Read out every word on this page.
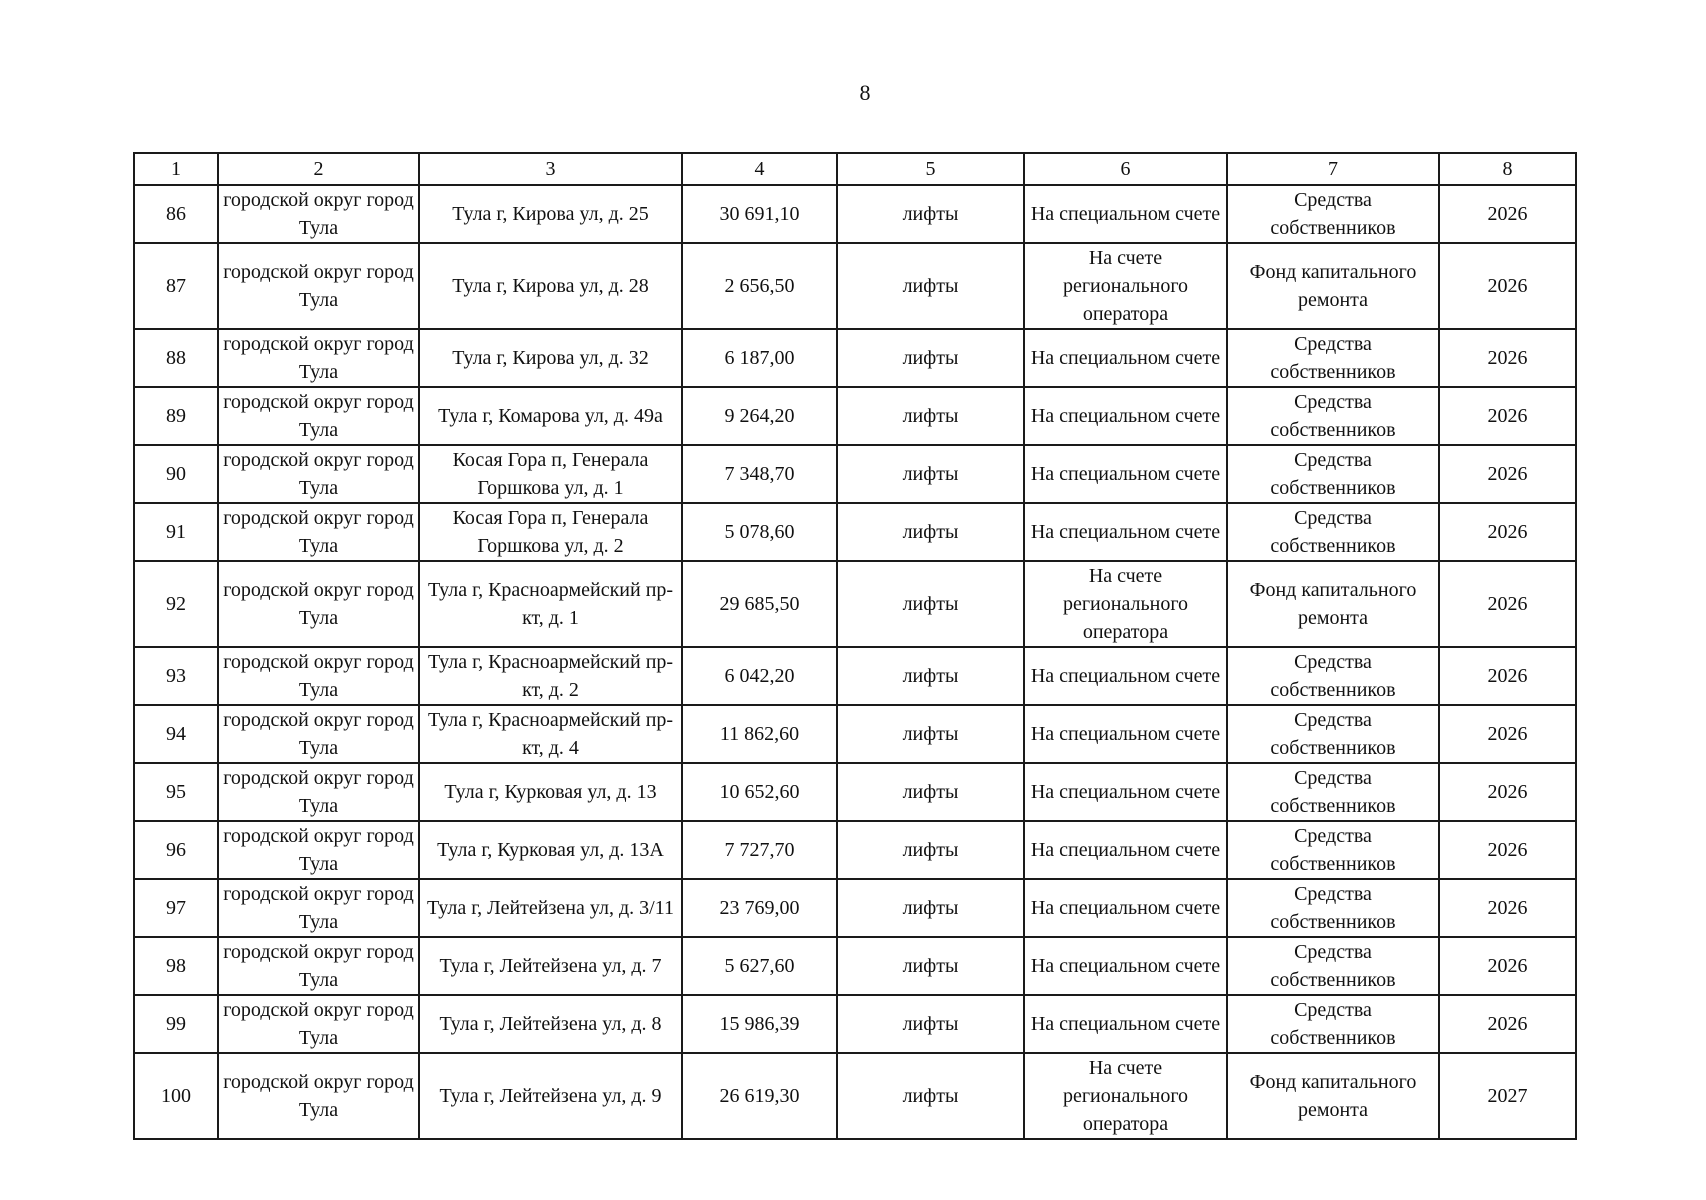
8
1	2	3	4	5	6	7	8
86	городской округ город Тула	Тула г, Кирова ул, д. 25	30 691,10	лифты	На специальном счете	Средства собственников	2026
87	городской округ город Тула	Тула г, Кирова ул, д. 28	2 656,50	лифты	На счете регионального оператора	Фонд капитального ремонта	2026
88	городской округ город Тула	Тула г, Кирова ул, д. 32	6 187,00	лифты	На специальном счете	Средства собственников	2026
89	городской округ город Тула	Тула г, Комарова ул, д. 49а	9 264,20	лифты	На специальном счете	Средства собственников	2026
90	городской округ город Тула	Косая Гора п, Генерала Горшкова ул, д. 1	7 348,70	лифты	На специальном счете	Средства собственников	2026
91	городской округ город Тула	Косая Гора п, Генерала Горшкова ул, д. 2	5 078,60	лифты	На специальном счете	Средства собственников	2026
92	городской округ город Тула	Тула г, Красноармейский пр-кт, д. 1	29 685,50	лифты	На счете регионального оператора	Фонд капитального ремонта	2026
93	городской округ город Тула	Тула г, Красноармейский пр-кт, д. 2	6 042,20	лифты	На специальном счете	Средства собственников	2026
94	городской округ город Тула	Тула г, Красноармейский пр-кт, д. 4	11 862,60	лифты	На специальном счете	Средства собственников	2026
95	городской округ город Тула	Тула г, Курковая ул, д. 13	10 652,60	лифты	На специальном счете	Средства собственников	2026
96	городской округ город Тула	Тула г, Курковая ул, д. 13А	7 727,70	лифты	На специальном счете	Средства собственников	2026
97	городской округ город Тула	Тула г, Лейтейзена ул, д. 3/11	23 769,00	лифты	На специальном счете	Средства собственников	2026
98	городской округ город Тула	Тула г, Лейтейзена ул, д. 7	5 627,60	лифты	На специальном счете	Средства собственников	2026
99	городской округ город Тула	Тула г, Лейтейзена ул, д. 8	15 986,39	лифты	На специальном счете	Средства собственников	2026
100	городской округ город Тула	Тула г, Лейтейзена ул, д. 9	26 619,30	лифты	На счете регионального оператора	Фонд капитального ремонта	2027
